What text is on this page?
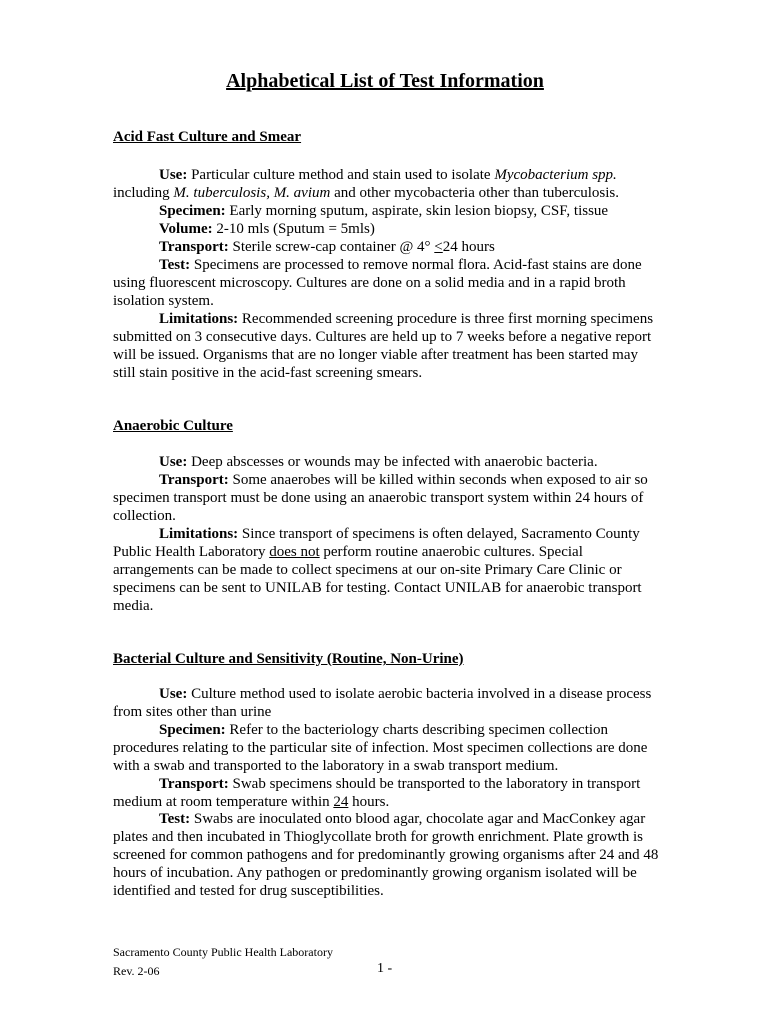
Alphabetical List of Test Information
Acid Fast Culture and Smear

Use: Particular culture method and stain used to isolate Mycobacterium spp. including M. tuberculosis, M. avium and other mycobacteria other than tuberculosis.

Specimen: Early morning sputum, aspirate, skin lesion biopsy, CSF, tissue

Volume: 2-10 mls (Sputum = 5mls)

Transport: Sterile screw-cap container @ 4° <24 hours

Test: Specimens are processed to remove normal flora. Acid-fast stains are done using fluorescent microscopy. Cultures are done on a solid media and in a rapid broth isolation system.

Limitations: Recommended screening procedure is three first morning specimens submitted on 3 consecutive days. Cultures are held up to 7 weeks before a negative report will be issued. Organisms that are no longer viable after treatment has been started may still stain positive in the acid-fast screening smears.

Anaerobic Culture

Use: Deep abscesses or wounds may be infected with anaerobic bacteria.

Transport: Some anaerobes will be killed within seconds when exposed to air so specimen transport must be done using an anaerobic transport system within 24 hours of collection.

Limitations: Since transport of specimens is often delayed, Sacramento County Public Health Laboratory does not perform routine anaerobic cultures. Special arrangements can be made to collect specimens at our on-site Primary Care Clinic or specimens can be sent to UNILAB for testing. Contact UNILAB for anaerobic transport media.

Bacterial Culture and Sensitivity (Routine, Non-Urine)

Use: Culture method used to isolate aerobic bacteria involved in a disease process from sites other than urine

Specimen: Refer to the bacteriology charts describing specimen collection procedures relating to the particular site of infection. Most specimen collections are done with a swab and transported to the laboratory in a swab transport medium.

Transport: Swab specimens should be transported to the laboratory in transport medium at room temperature within 24 hours.

Test: Swabs are inoculated onto blood agar, chocolate agar and MacConkey agar plates and then incubated in Thioglycollate broth for growth enrichment. Plate growth is screened for common pathogens and for predominantly growing organisms after 24 and 48 hours of incubation. Any pathogen or predominantly growing organism isolated will be identified and tested for drug susceptibilities.

Sacramento County Public Health Laboratory
Rev. 2-06	1 -
